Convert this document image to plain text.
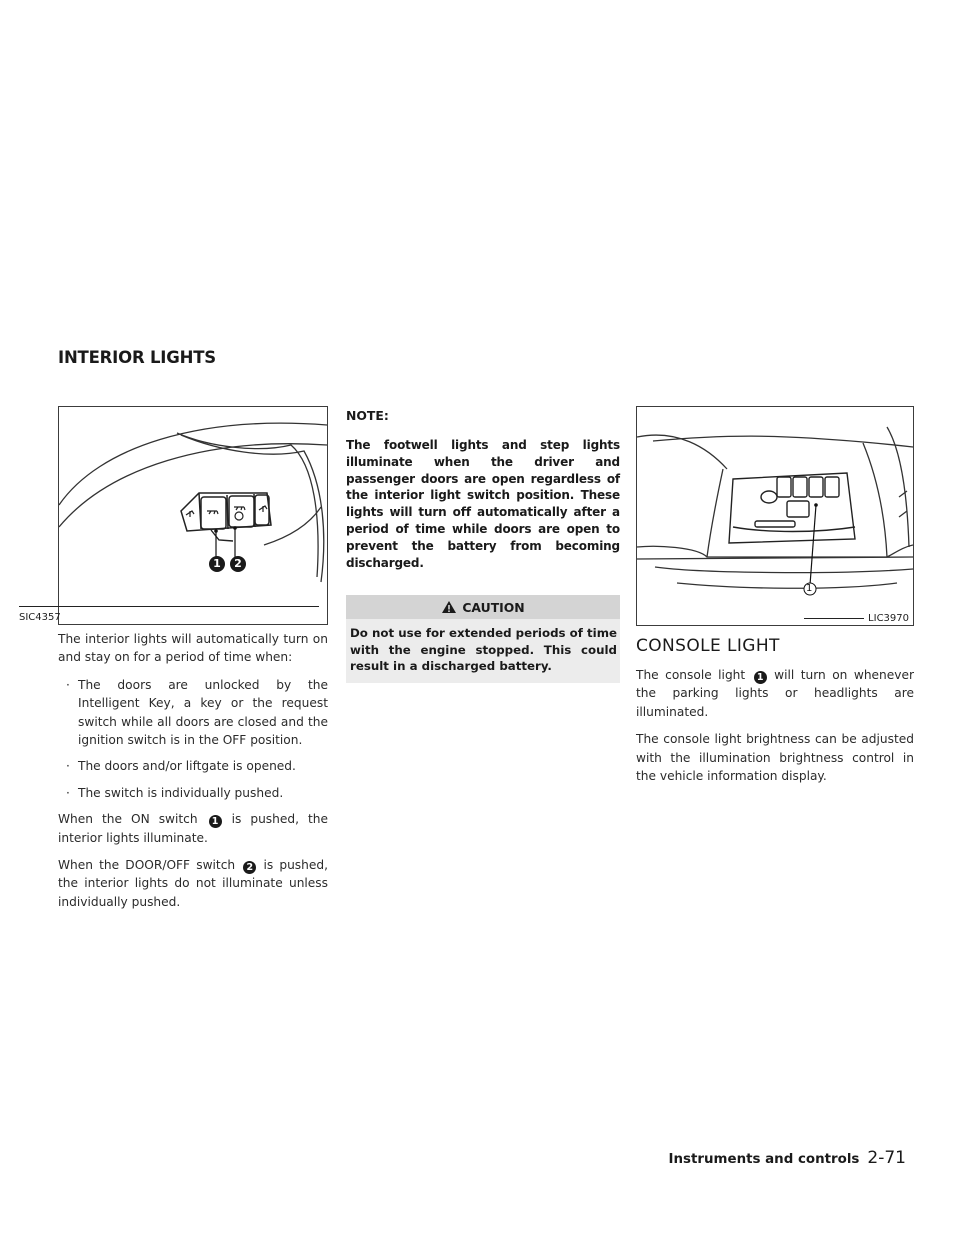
INTERIOR LIGHTS
1	2
SIC4357

The interior lights will automatically turn on and stay on for a period of time when:

· The doors are unlocked by the Intelligent Key, a key or the request switch while all doors are closed and the ignition switch is in the OFF position.
· The doors and/or liftgate is opened.
· The switch is individually pushed.

When the ON switch 1 is pushed, the interior lights illuminate.

When the DOOR/OFF switch 2 is pushed, the interior lights do not illuminate unless individually pushed.

NOTE:
The footwell lights and step lights illuminate when the driver and passenger doors are open regardless of the interior light switch position. These lights will turn off automatically after a period of time while doors are open to prevent the battery from becoming discharged.
CAUTION
Do not use for extended periods of time with the engine stopped. This could result in a discharged battery.
1
LIC3970
CONSOLE LIGHT

The console light 1 will turn on whenever the parking lights or headlights are illuminated.

The console light brightness can be adjusted with the illumination brightness control in the vehicle information display.

Instruments and controls 2-71
